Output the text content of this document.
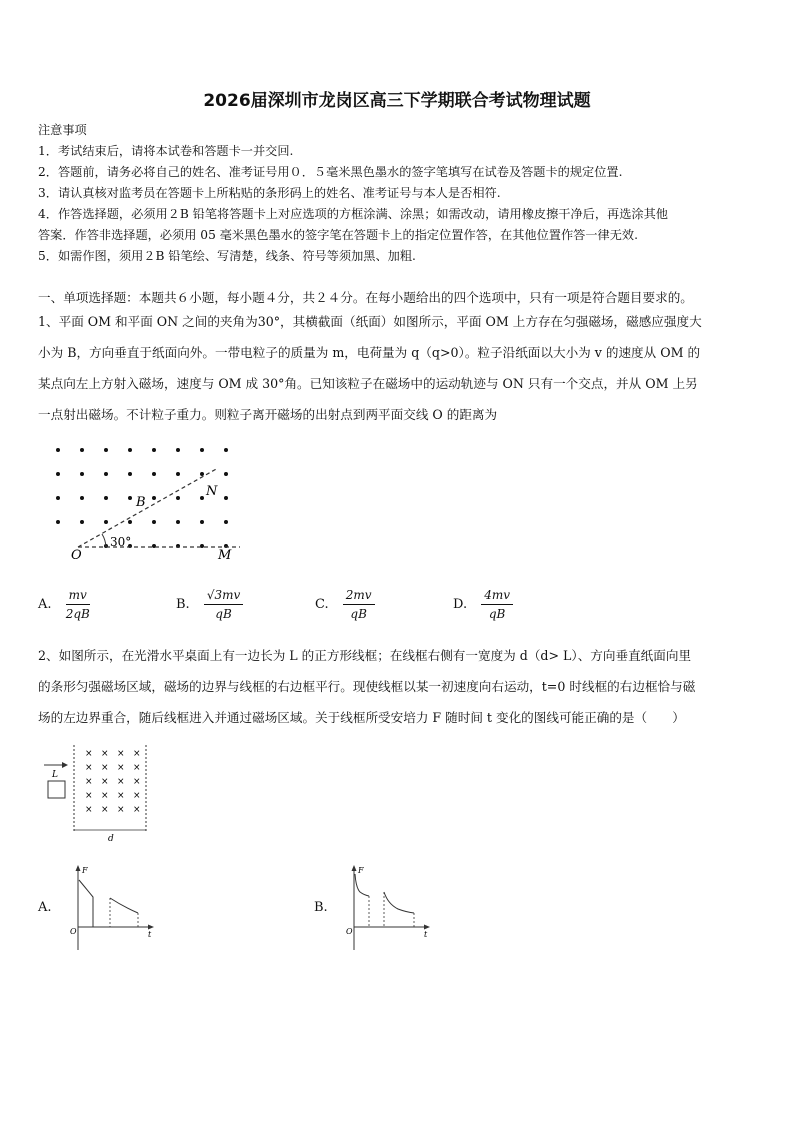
2026届深圳市龙岗区高三下学期联合考试物理试题
注意事项
1．考试结束后，请将本试卷和答题卡一并交回.
2．答题前，请务必将自己的姓名、准考证号用０．５毫米黑色墨水的签字笔填写在试卷及答题卡的规定位置.
3．请认真核对监考员在答题卡上所粘贴的条形码上的姓名、准考证号与本人是否相符.
4．作答选择题，必须用２B 铅笔将答题卡上对应选项的方框涂满、涂黑；如需改动，请用橡皮擦干净后，再选涂其他
答案．作答非选择题，必须用 05 毫米黑色墨水的签字笔在答题卡上的指定位置作答，在其他位置作答一律无效.
5．如需作图，须用２B 铅笔绘、写清楚，线条、符号等须加黑、加粗.
一、单项选择题：本题共６小题，每小题４分，共２４分。在每小题给出的四个选项中，只有一项是符合题目要求的。
1、平面 OM 和平面 ON 之间的夹角为30°，其横截面（纸面）如图所示，平面 OM 上方存在匀强磁场，磁感应强度大
小为 B，方向垂直于纸面向外。一带电粒子的质量为 m，电荷量为 q（q>0）。粒子沿纸面以大小为 v 的速度从 OM 的
某点向左上方射入磁场，速度与 OM 成 30°角。已知该粒子在磁场中的运动轨迹与 ON 只有一个交点，并从 OM 上另
一点射出磁场。不计粒子重力。则粒子离开磁场的出射点到两平面交线 O 的距离为
O	M
N
B
30°
A. $\frac{mv}{2qB}$	B. $\frac{√3mv}{qB}$	C. $\frac{2mv}{qB}$	D. $\frac{4mv}{qB}$
2、如图所示，在光滑水平桌面上有一边长为 L 的正方形线框；在线框右侧有一宽度为 d（d> L）、方向垂直纸面向里
的条形匀强磁场区域，磁场的边界与线框的右边框平行。现使线框以某一初速度向右运动，t=0 时线框的右边框恰与磁
场的左边界重合，随后线框进入并通过磁场区域。关于线框所受安培力 F 随时间 t 变化的图线可能正确的是（　　）
L
× × × ×
× × × ×
× × × ×
× × × ×
× × × ×
d
A.
F
O	t
B.
F
O	t
